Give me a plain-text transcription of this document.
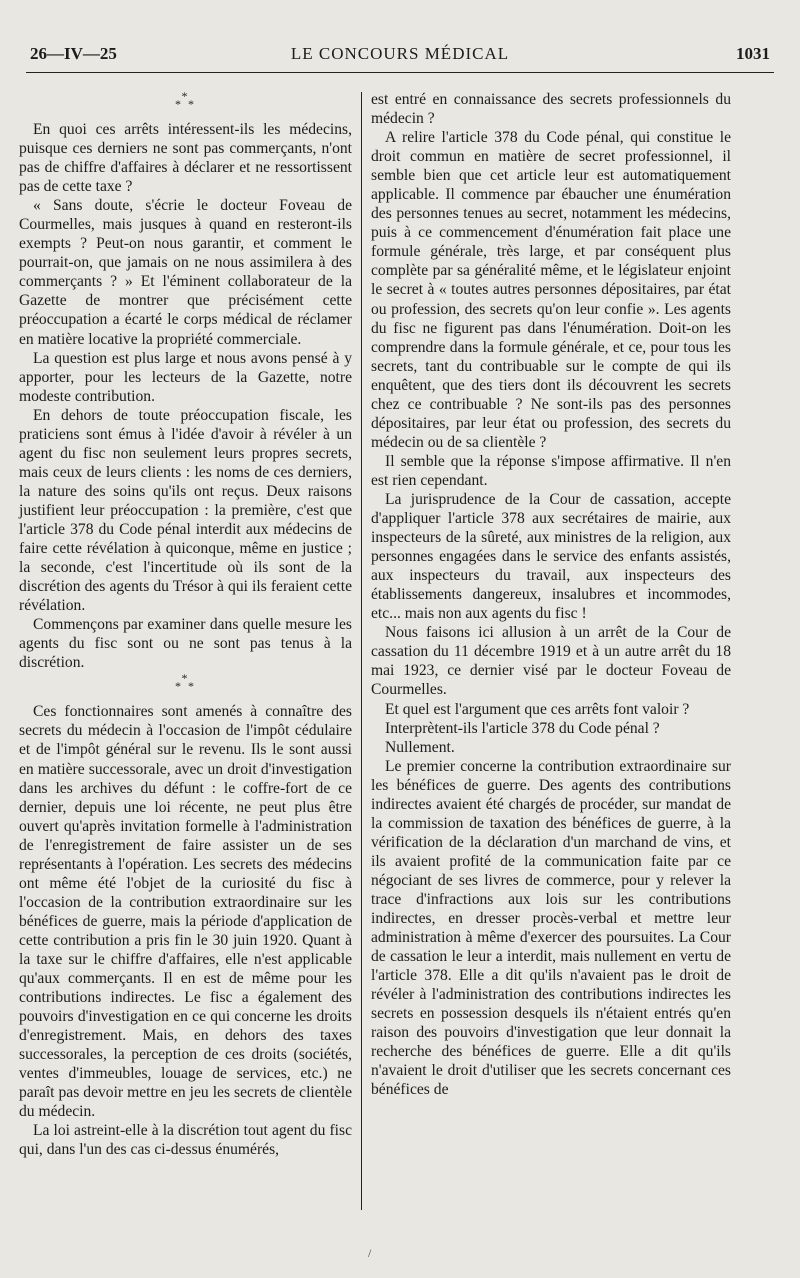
26—IV—25	LE CONCOURS MÉDICAL	1031

*
* *

En quoi ces arrêts intéressent-ils les médecins, puisque ces derniers ne sont pas commerçants, n'ont pas de chiffre d'affaires à déclarer et ne ressortissent pas de cette taxe ?

« Sans doute, s'écrie le docteur Foveau de Courmelles, mais jusques à quand en resteront-ils exempts ? Peut-on nous garantir, et comment le pourrait-on, que jamais on ne nous assimilera à des commerçants ? » Et l'éminent collaborateur de la Gazette de montrer que précisément cette préoccupation a écarté le corps médical de réclamer en matière locative la propriété commerciale.

La question est plus large et nous avons pensé à y apporter, pour les lecteurs de la Gazette, notre modeste contribution.

En dehors de toute préoccupation fiscale, les praticiens sont émus à l'idée d'avoir à révéler à un agent du fisc non seulement leurs propres secrets, mais ceux de leurs clients : les noms de ces derniers, la nature des soins qu'ils ont reçus. Deux raisons justifient leur préoccupation : la première, c'est que l'article 378 du Code pénal interdit aux médecins de faire cette révélation à quiconque, même en justice ; la seconde, c'est l'incertitude où ils sont de la discrétion des agents du Trésor à qui ils feraient cette révélation.

Commençons par examiner dans quelle mesure les agents du fisc sont ou ne sont pas tenus à la discrétion.

*
* *

Ces fonctionnaires sont amenés à connaître des secrets du médecin à l'occasion de l'impôt cédulaire et de l'impôt général sur le revenu. Ils le sont aussi en matière successorale, avec un droit d'investigation dans les archives du défunt : le coffre-fort de ce dernier, depuis une loi récente, ne peut plus être ouvert qu'après invitation formelle à l'administration de l'enregistrement de faire assister un de ses représentants à l'opération. Les secrets des médecins ont même été l'objet de la curiosité du fisc à l'occasion de la contribution extraordinaire sur les bénéfices de guerre, mais la période d'application de cette contribution a pris fin le 30 juin 1920. Quant à la taxe sur le chiffre d'affaires, elle n'est applicable qu'aux commerçants. Il en est de même pour les contributions indirectes. Le fisc a également des pouvoirs d'investigation en ce qui concerne les droits d'enregistrement. Mais, en dehors des taxes successorales, la perception de ces droits (sociétés, ventes d'immeubles, louage de services, etc.) ne paraît pas devoir mettre en jeu les secrets de clientèle du médecin.

La loi astreint-elle à la discrétion tout agent du fisc qui, dans l'un des cas ci-dessus énumérés,

est entré en connaissance des secrets professionnels du médecin ?

A relire l'article 378 du Code pénal, qui constitue le droit commun en matière de secret professionnel, il semble bien que cet article leur est automatiquement applicable. Il commence par ébaucher une énumération des personnes tenues au secret, notamment les médecins, puis à ce commencement d'énumération fait place une formule générale, très large, et par conséquent plus complète par sa généralité même, et le législateur enjoint le secret à « toutes autres personnes dépositaires, par état ou profession, des secrets qu'on leur confie ». Les agents du fisc ne figurent pas dans l'énumération. Doit-on les comprendre dans la formule générale, et ce, pour tous les secrets, tant du contribuable sur le compte de qui ils enquêtent, que des tiers dont ils découvrent les secrets chez ce contribuable ? Ne sont-ils pas des personnes dépositaires, par leur état ou profession, des secrets du médecin ou de sa clientèle ?

Il semble que la réponse s'impose affirmative. Il n'en est rien cependant.

La jurisprudence de la Cour de cassation, accepte d'appliquer l'article 378 aux secrétaires de mairie, aux inspecteurs de la sûreté, aux ministres de la religion, aux personnes engagées dans le service des enfants assistés, aux inspecteurs du travail, aux inspecteurs des établissements dangereux, insalubres et incommodes, etc... mais non aux agents du fisc !

Nous faisons ici allusion à un arrêt de la Cour de cassation du 11 décembre 1919 et à un autre arrêt du 18 mai 1923, ce dernier visé par le docteur Foveau de Courmelles.

Et quel est l'argument que ces arrêts font valoir ?

Interprètent-ils l'article 378 du Code pénal ?

Nullement.

Le premier concerne la contribution extraordinaire sur les bénéfices de guerre. Des agents des contributions indirectes avaient été chargés de procéder, sur mandat de la commission de taxation des bénéfices de guerre, à la vérification de la déclaration d'un marchand de vins, et ils avaient profité de la communication faite par ce négociant de ses livres de commerce, pour y relever la trace d'infractions aux lois sur les contributions indirectes, en dresser procès-verbal et mettre leur administration à même d'exercer des poursuites. La Cour de cassation le leur a interdit, mais nullement en vertu de l'article 378. Elle a dit qu'ils n'avaient pas le droit de révéler à l'administration des contributions indirectes les secrets en possession desquels ils n'étaient entrés qu'en raison des pouvoirs d'investigation que leur donnait la recherche des bénéfices de guerre. Elle a dit qu'ils n'avaient le droit d'utiliser que les secrets concernant ces bénéfices de

/
